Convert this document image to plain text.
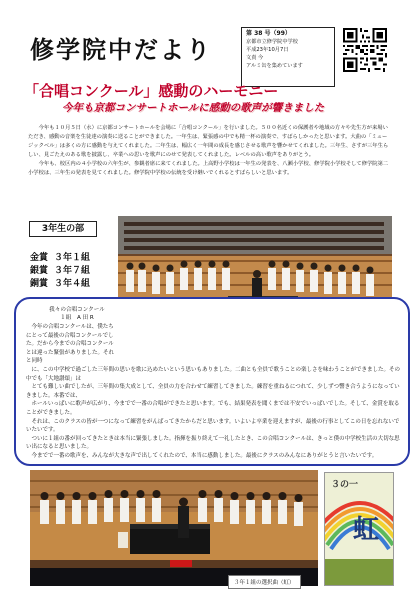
修学院中だより
第 38 号（99）
京都市立修学院中学校
平成23年10月7日
文責 今
アルミ缶を集めています
「合唱コンクール」感動のハーモニー
今年も京都コンサートホールに感動の歌声が響きました

今年も１０月５日（水）に京都コンサートホールを会場に「合唱コンクール」を行いました。５００名近くの保護者や地域の方々や先生方が来場いただき、感動の音楽を生徒達の演奏に送ることができました。一年生は、緊張感の中でも精一杯の演奏で、すばらしかったと思います。大曲の「ミュージックベル」は多くの方に感動を与えてくれました。二年生は、幅広く一年間の成長を感じさせる歌声を響かせてくれました。三年生、さすが三年生らしい、見ごたえのある歌を披露し、卒業への思いを歌声にのせて発表してくれました。レベルの高い歌声をありがとう。

今年も、校区内の４小学校の六年生が、参観者席に来てくれました。上高野小学校は一年生の発表を、八瀬小学校、修学院小学校そして修学院第二小学校は、三年生の発表を見てくれました。修学院中学校の伝統を受け継いでくれるとすばらしいと思います。

3年生の部
金賞 ３年１組
銀賞 ３年７組
銅賞 ３年４組
我々の合唱コンクール
１組　A 田 R

今年の合唱コンクールは、僕たちにとって最後の合唱コンクールでした。だから今までの合唱コンクールとは違った緊張がありました。それと同時

に、この中学校で過ごした三年間の思いを歌に込めたいという思いもありました。二曲とも全員で歌うことの楽しさを味わうことができました。その中でも「大地讃頌」は

とても難しい曲でしたが、三年間の集大成として、全員の力を合わせて練習してきました。練習を重ねるにつれて、少しずつ響き合うようになっていきました。本番では、

ホールいっぱいに歌声が広がり、今までで一番の合唱ができたと思います。でも、結果発表を聞くまでは不安でいっぱいでした。そして、金賞を取ることができました。

それは、このクラスの皆が一つになって練習をがんばってきたからだと思います。いよいよ卒業を迎えますが、最後の行事としてこの日を忘れないでいたいです。

ついに１組の番が回ってきたときは本当に緊張しました。指揮を振り終えて一礼したとき、この合唱コンクールは、きっと僕の中学校生活の大切な思い出になると思いました。

今までで一番の歌声を、みんなが大きな声で出してくれたので、本当に感動しました。最後にクラスのみんなにありがとうと言いたいです。

３年１組の選択曲（虹）
３の一
虹
